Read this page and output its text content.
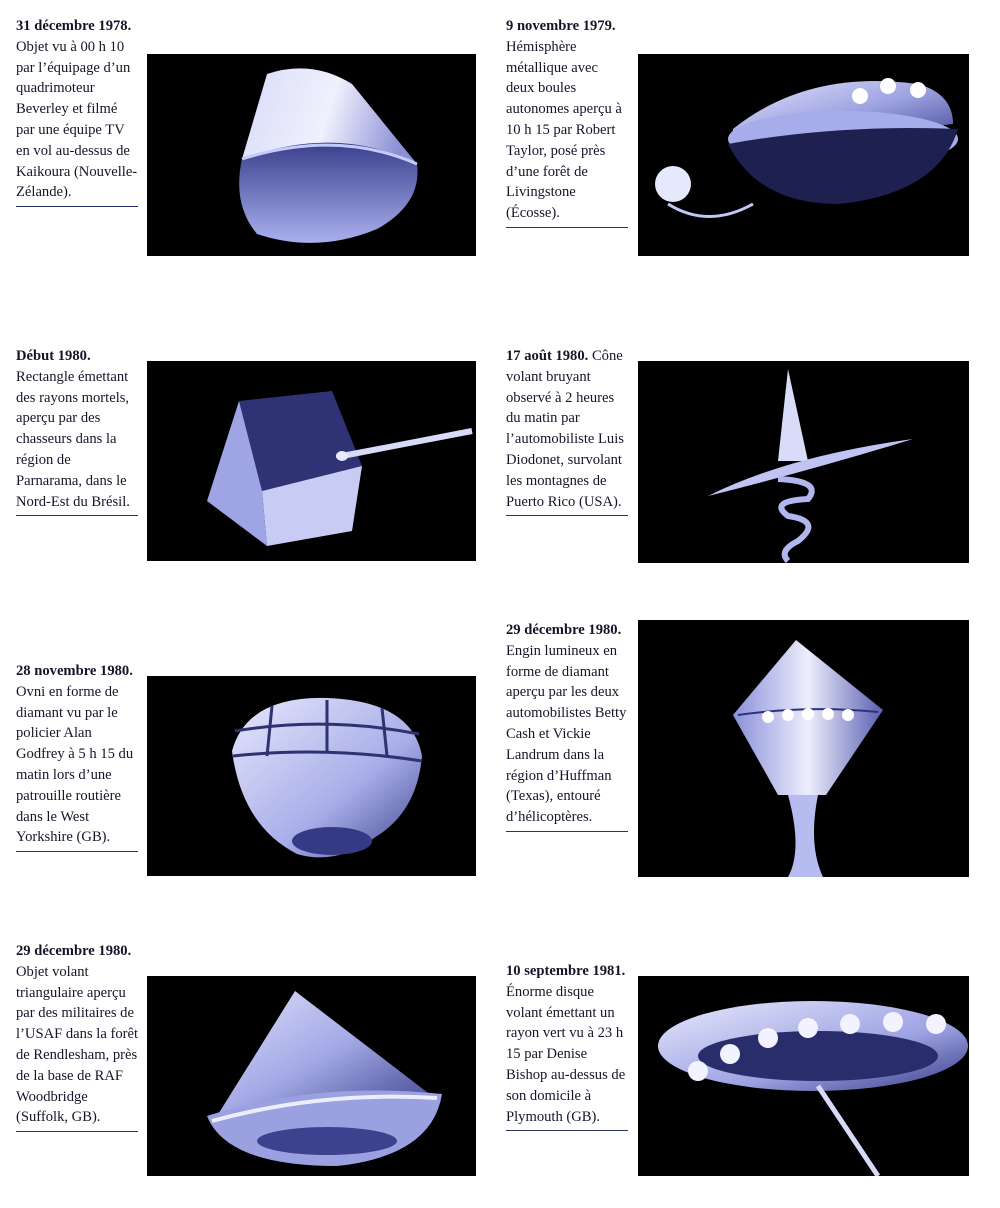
31 décembre 1978. Objet vu à 00 h 10 par l’équipage d’un quadrimoteur Beverley et filmé par une équipe TV en vol au-dessus de Kaikoura (Nouvelle-Zélande).
9 novembre 1979. Hémisphère métallique avec deux boules autonomes aperçu à 10 h 15 par Robert Taylor, posé près d’une forêt de Livingstone (Écosse).
Début 1980. Rectangle émettant des rayons mortels, aperçu par des chasseurs dans la région de Parnarama, dans le Nord-Est du Brésil.
17 août 1980. Cône volant bruyant observé à 2 heures du matin par l’automobiliste Luis Diodonet, survolant les montagnes de Puerto Rico (USA).
28 novembre 1980. Ovni en forme de diamant vu par le policier Alan Godfrey à 5 h 15 du matin lors d’une patrouille routière dans le West Yorkshire (GB).
29 décembre 1980. Engin lumineux en forme de diamant aperçu par les deux automobilistes Betty Cash et Vickie Landrum dans la région d’Huffman (Texas), entouré d’hélicoptères.
29 décembre 1980. Objet volant triangulaire aperçu par des militaires de l’USAF dans la forêt de Rendlesham, près de la base de RAF Woodbridge (Suffolk, GB).
10 septembre 1981. Énorme disque volant émettant un rayon vert vu à 23 h 15 par Denise Bishop au-dessus de son domicile à Plymouth (GB).
